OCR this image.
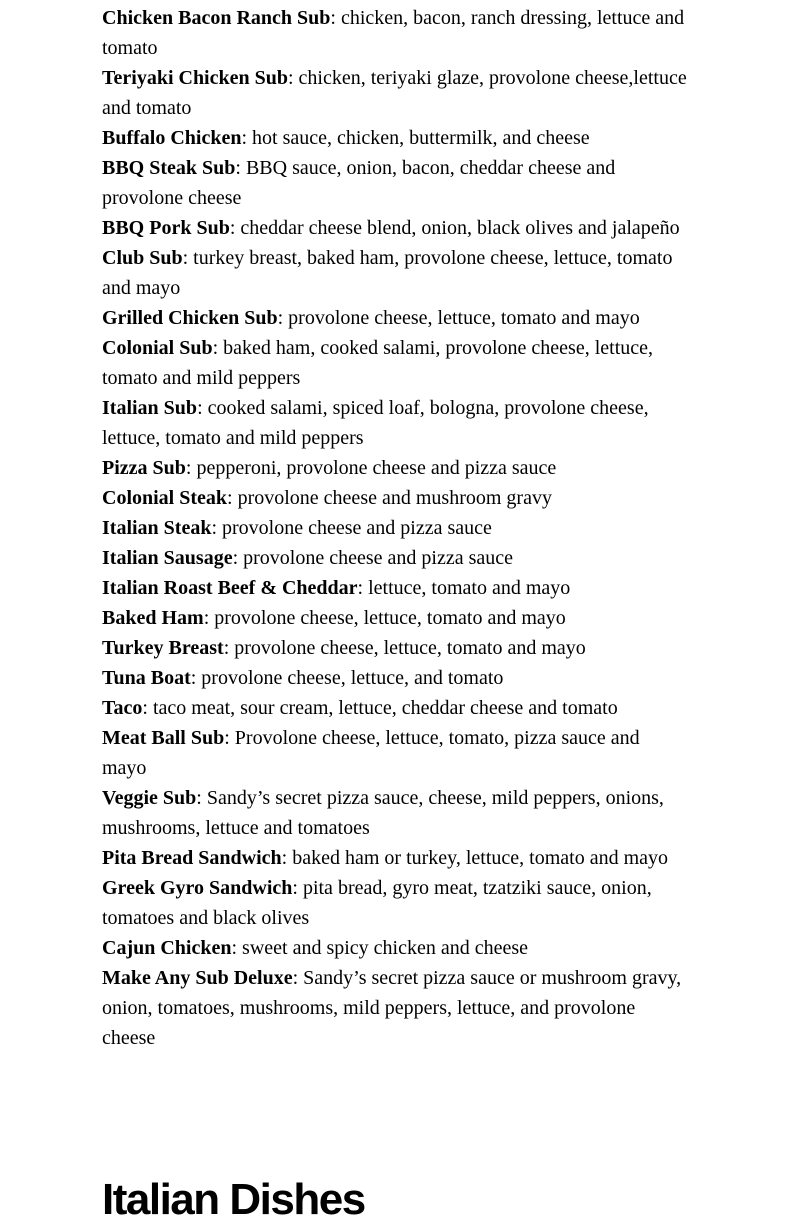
Chicken Bacon Ranch Sub: chicken, bacon, ranch dressing, lettuce and tomato

Teriyaki Chicken Sub: chicken, teriyaki glaze, provolone cheese,lettuce and tomato

Buffalo Chicken: hot sauce, chicken, buttermilk, and cheese

BBQ Steak Sub: BBQ sauce, onion, bacon, cheddar cheese and provolone cheese

BBQ Pork Sub: cheddar cheese blend, onion, black olives and jalapeño

Club Sub: turkey breast, baked ham, provolone cheese, lettuce, tomato and mayo

Grilled Chicken Sub: provolone cheese, lettuce, tomato and mayo

Colonial Sub: baked ham, cooked salami, provolone cheese, lettuce, tomato and mild peppers

Italian Sub: cooked salami, spiced loaf, bologna, provolone cheese, lettuce, tomato and mild peppers

Pizza Sub: pepperoni, provolone cheese and pizza sauce

Colonial Steak: provolone cheese and mushroom gravy

Italian Steak: provolone cheese and pizza sauce

Italian Sausage: provolone cheese and pizza sauce

Italian Roast Beef & Cheddar: lettuce, tomato and mayo

Baked Ham: provolone cheese, lettuce, tomato and mayo

Turkey Breast: provolone cheese, lettuce, tomato and mayo

Tuna Boat: provolone cheese, lettuce, and tomato

Taco: taco meat, sour cream, lettuce, cheddar cheese and tomato

Meat Ball Sub: Provolone cheese, lettuce, tomato, pizza sauce and mayo

Veggie Sub: Sandy’s secret pizza sauce, cheese, mild peppers, onions, mushrooms, lettuce and tomatoes

Pita Bread Sandwich: baked ham or turkey, lettuce, tomato and mayo

Greek Gyro Sandwich: pita bread, gyro meat, tzatziki sauce, onion, tomatoes and black olives

Cajun Chicken: sweet and spicy chicken and cheese

Make Any Sub Deluxe: Sandy’s secret pizza sauce or mushroom gravy, onion, tomatoes, mushrooms, mild peppers, lettuce, and provolone cheese

Italian Dishes
